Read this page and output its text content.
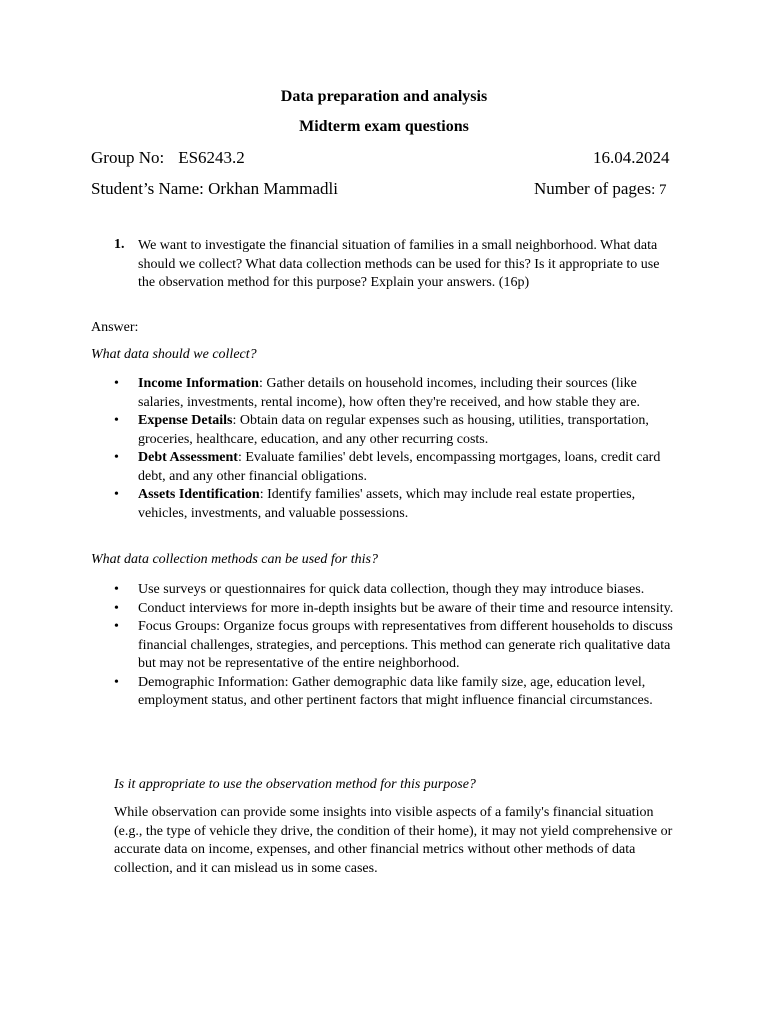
Data preparation and analysis
Midterm exam questions
Group No: ES6243.2	16.04.2024
Student’s Name: Orkhan Mammadli	Number of pages: 7
1. We want to investigate the financial situation of families in a small neighborhood. What data should we collect? What data collection methods can be used for this? Is it appropriate to use the observation method for this purpose? Explain your answers. (16p)
Answer:
What data should we collect?
• Income Information: Gather details on household incomes, including their sources (like salaries, investments, rental income), how often they're received, and how stable they are.
• Expense Details: Obtain data on regular expenses such as housing, utilities, transportation, groceries, healthcare, education, and any other recurring costs.
• Debt Assessment: Evaluate families' debt levels, encompassing mortgages, loans, credit card debt, and any other financial obligations.
• Assets Identification: Identify families' assets, which may include real estate properties, vehicles, investments, and valuable possessions.
What data collection methods can be used for this?
• Use surveys or questionnaires for quick data collection, though they may introduce biases.
• Conduct interviews for more in-depth insights but be aware of their time and resource intensity.
• Focus Groups: Organize focus groups with representatives from different households to discuss financial challenges, strategies, and perceptions. This method can generate rich qualitative data but may not be representative of the entire neighborhood.
• Demographic Information: Gather demographic data like family size, age, education level, employment status, and other pertinent factors that might influence financial circumstances.
Is it appropriate to use the observation method for this purpose?
While observation can provide some insights into visible aspects of a family's financial situation (e.g., the type of vehicle they drive, the condition of their home), it may not yield comprehensive or accurate data on income, expenses, and other financial metrics without other methods of data collection, and it can mislead us in some cases.
